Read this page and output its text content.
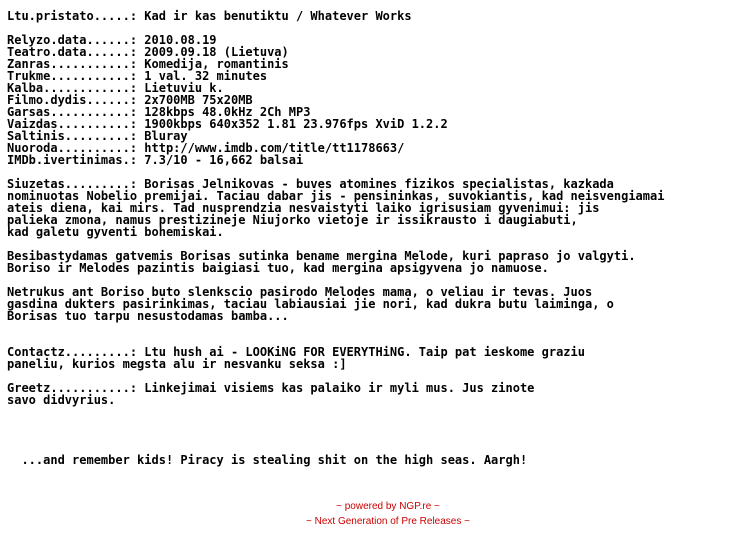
Ltu.pristato.....: Kad ir kas benutiktu / Whatever Works

Relyzo.data......: 2010.08.19
Teatro.data......: 2009.09.18 (Lietuva)
Zanras...........: Komedija, romantinis
Trukme...........: 1 val. 32 minutes
Kalba............: Lietuviu k.
Filmo.dydis......: 2x700MB 75x20MB
Garsas...........: 128kbps 48.0kHz 2Ch MP3
Vaizdas..........: 1900kbps 640x352 1.81 23.976fps XviD 1.2.2
Saltinis.........: Bluray
Nuoroda..........: http://www.imdb.com/title/tt1178663/
IMDb.ivertinimas.: 7.3/10 - 16,662 balsai

Siuzetas.........: Borisas Jelnikovas - buves atomines fizikos specialistas, kazkada
nominuotas Nobelio premijai. Taciau dabar jis - pensininkas, suvokiantis, kad neisvengiamai
ateis diena, kai mirs. Tad nusprendzia nesvaistyti laiko igrisusiam gyvenimui: jis
palieka zmona, namus prestizineje Niujorko vietoje ir issikrausto i daugiabuti,
kad galetu gyventi bohemiskai.

Besibastydamas gatvemis Borisas sutinka bename mergina Melode, kuri papraso jo valgyti.
Boriso ir Melodes pazintis baigiasi tuo, kad mergina apsigyvena jo namuose.

Netrukus ant Boriso buto slenkscio pasirodo Melodes mama, o veliau ir tevas. Juos
gasdina dukters pasirinkimas, taciau labiausiai jie nori, kad dukra butu laiminga, o
Borisas tuo tarpu nesustodamas bamba...

Contactz.........: Ltu hush ai - LOOKiNG FOR EVERYTHiNG. Taip pat ieskome graziu
paneliu, kurios megsta alu ir nesvanku seksa :]

Greetz...........: Linkejimai visiems kas palaiko ir myli mus. Jus zinote
savo didvyrius.

...and remember kids! Piracy is stealing shit on the high seas. Aargh!
~ powered by NGP.re ~
~ Next Generation of Pre Releases ~
